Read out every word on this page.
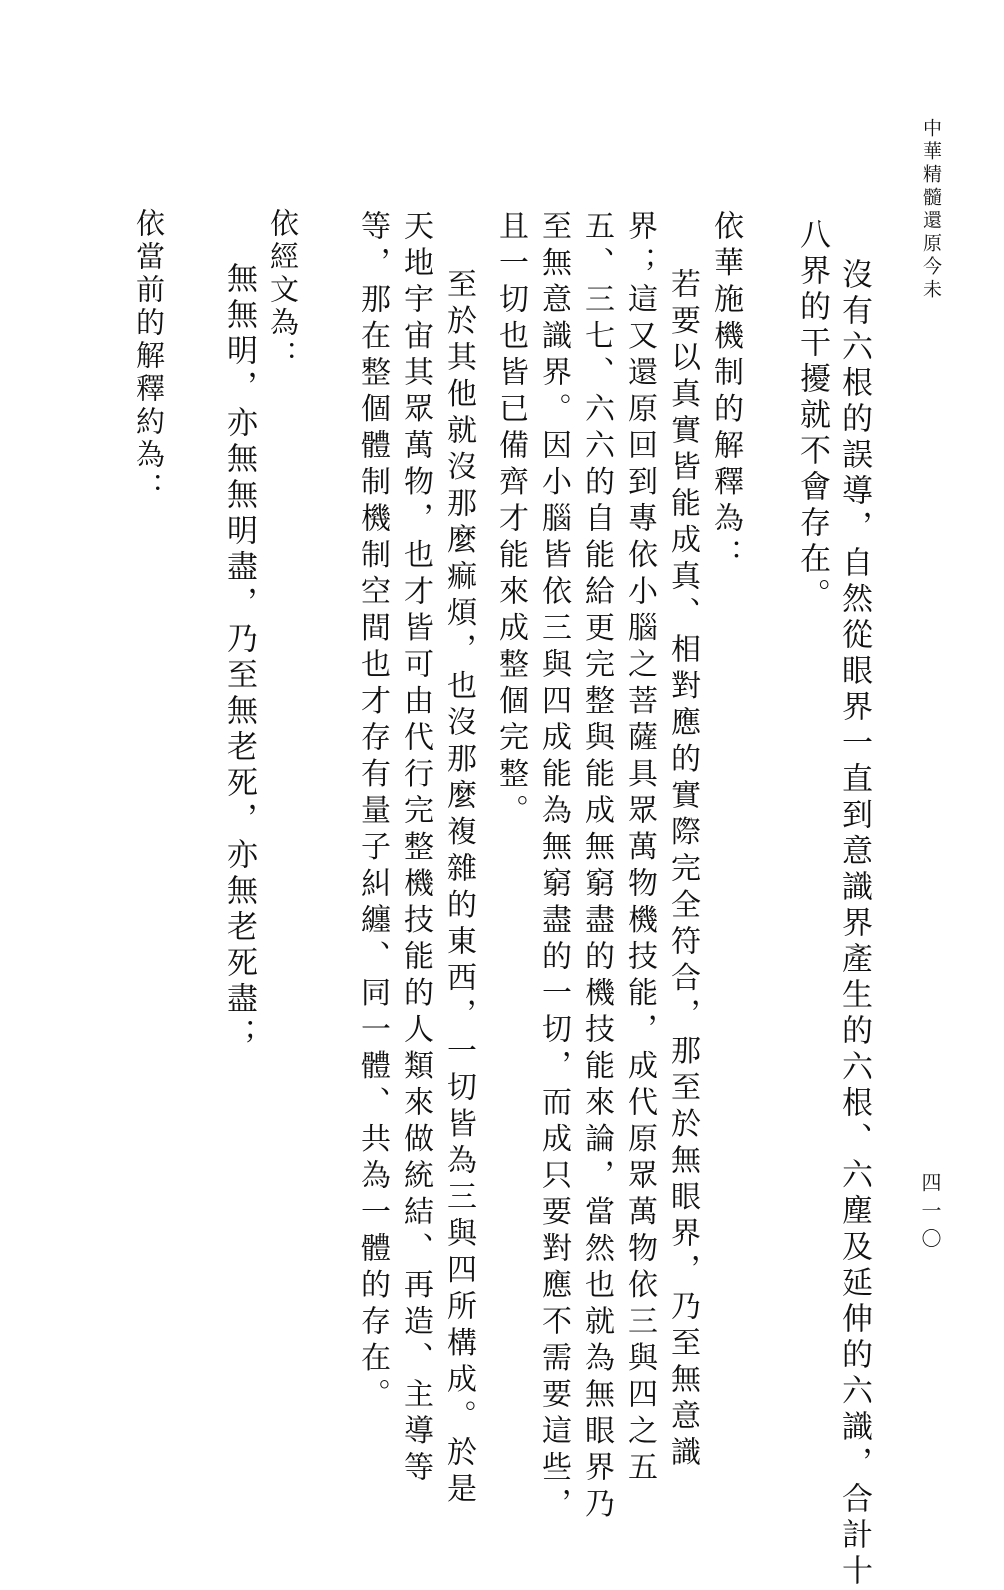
中華精髓還原今未
四一〇
沒有六根的誤導，自然從眼界一直到意識界產生的六根、六塵及延伸的六識，合計十
八界的干擾就不會存在。
依華施機制的解釋為：
若要以真實皆能成真、相對應的實際完全符合，那至於無眼界，乃至無意識
界；這又還原回到專依小腦之菩薩具眾萬物機技能，成代原眾萬物依三與四之五
五、三七、六六的自能給更完整與能成無窮盡的機技能來論，當然也就為無眼界乃
至無意識界。因小腦皆依三與四成能為無窮盡的一切，而成只要對應不需要這些，
且一切也皆已備齊才能來成整個完整。
至於其他就沒那麼痲煩，也沒那麼複雜的東西，一切皆為三與四所構成。於是
天地宇宙其眾萬物，也才皆可由代行完整機技能的人類來做統結、再造、主導等
等，那在整個體制機制空間也才存有量子糾纏、同一體、共為一體的存在。
依經文為：
無無明，亦無無明盡，乃至無老死，亦無老死盡；
依當前的解釋約為：
